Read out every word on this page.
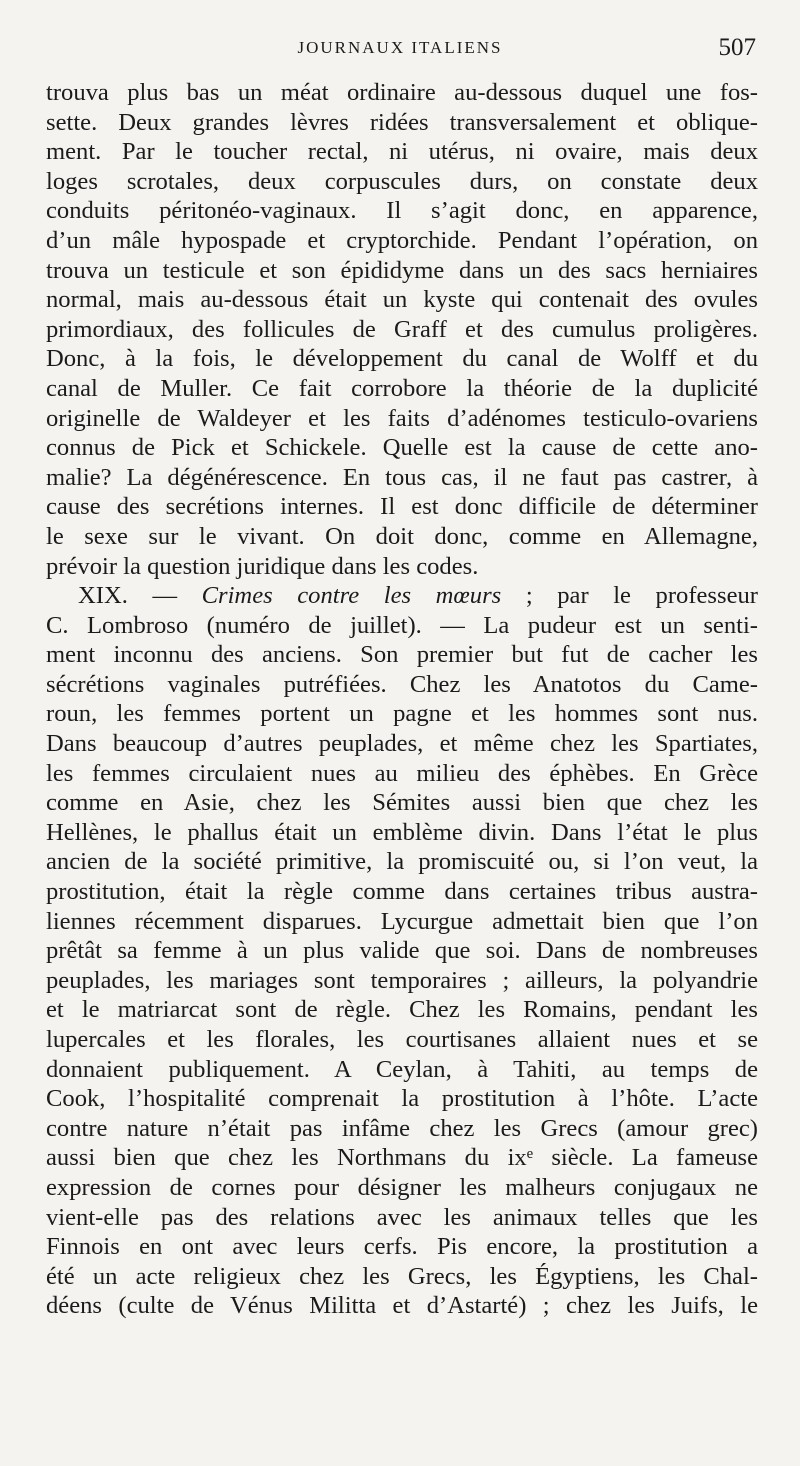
JOURNAUX ITALIENS	507
trouva plus bas un méat ordinaire au-dessous duquel une fos-
sette. Deux grandes lèvres ridées transversalement et oblique-
ment. Par le toucher rectal, ni utérus, ni ovaire, mais deux
loges scrotales, deux corpuscules durs, on constate deux
conduits péritonéo-vaginaux. Il s’agit donc, en apparence,
d’un mâle hypospade et cryptorchide. Pendant l’opération, on
trouva un testicule et son épididyme dans un des sacs herniaires
normal, mais au-dessous était un kyste qui contenait des ovules
primordiaux, des follicules de Graff et des cumulus proligères.
Donc, à la fois, le développement du canal de Wolff et du
canal de Muller. Ce fait corrobore la théorie de la duplicité
originelle de Waldeyer et les faits d’adénomes testiculo-ovariens
connus de Pick et Schickele. Quelle est la cause de cette ano-
malie? La dégénérescence. En tous cas, il ne faut pas castrer, à
cause des secrétions internes. Il est donc difficile de déterminer
le sexe sur le vivant. On doit donc, comme en Allemagne,
prévoir la question juridique dans les codes.
XIX. — Crimes contre les mœurs ; par le professeur
C. Lombroso (numéro de juillet). — La pudeur est un senti-
ment inconnu des anciens. Son premier but fut de cacher les
sécrétions vaginales putréfiées. Chez les Anatotos du Came-
roun, les femmes portent un pagne et les hommes sont nus.
Dans beaucoup d’autres peuplades, et même chez les Spartiates,
les femmes circulaient nues au milieu des éphèbes. En Grèce
comme en Asie, chez les Sémites aussi bien que chez les
Hellènes, le phallus était un emblème divin. Dans l’état le plus
ancien de la société primitive, la promiscuité ou, si l’on veut, la
prostitution, était la règle comme dans certaines tribus austra-
liennes récemment disparues. Lycurgue admettait bien que l’on
prêtât sa femme à un plus valide que soi. Dans de nombreuses
peuplades, les mariages sont temporaires ; ailleurs, la polyandrie
et le matriarcat sont de règle. Chez les Romains, pendant les
lupercales et les florales, les courtisanes allaient nues et se
donnaient publiquement. A Ceylan, à Tahiti, au temps de
Cook, l’hospitalité comprenait la prostitution à l’hôte. L’acte
contre nature n’était pas infâme chez les Grecs (amour grec)
aussi bien que chez les Northmans du ixᵉ siècle. La fameuse
expression de cornes pour désigner les malheurs conjugaux ne
vient-elle pas des relations avec les animaux telles que les
Finnois en ont avec leurs cerfs. Pis encore, la prostitution a
été un acte religieux chez les Grecs, les Égyptiens, les Chal-
déens (culte de Vénus Militta et d’Astarté) ; chez les Juifs, le
